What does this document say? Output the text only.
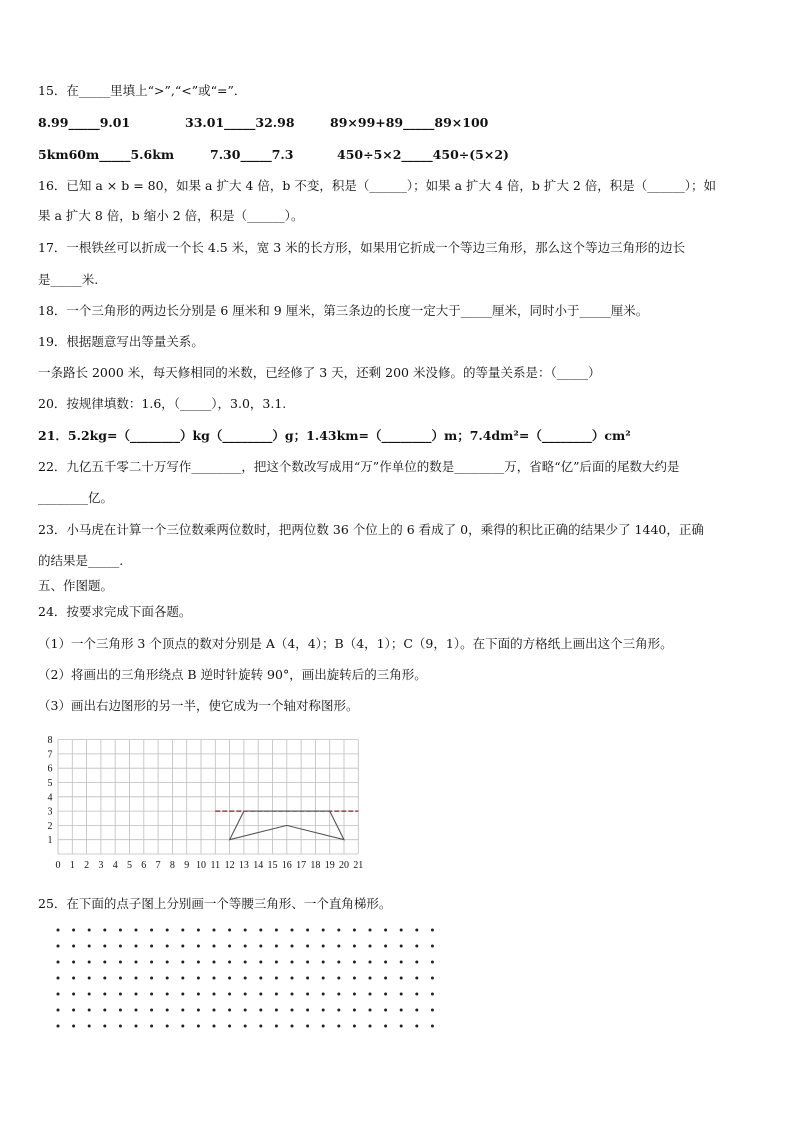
15．在_____里填上“>”,“<”或“=”．
8.99_____9.01	33.01_____32.98	89×99+89_____89×100
5km60m_____5.6km	7.30_____7.3	450÷5×2_____450÷(5×2)
16．已知 a × b = 80，如果 a 扩大 4 倍，b 不变，积是（______）；如果 a 扩大 4 倍，b 扩大 2 倍，积是（______）；如
果 a 扩大 8 倍，b 缩小 2 倍，积是（______）。
17．一根铁丝可以折成一个长 4.5 米，宽 3 米的长方形，如果用它折成一个等边三角形，那么这个等边三角形的边长
是_____米.
18．一个三角形的两边长分别是 6 厘米和 9 厘米，第三条边的长度一定大于_____厘米，同时小于_____厘米。
19．根据题意写出等量关系。
一条路长 2000 米，每天修相同的米数，已经修了 3 天，还剩 200 米没修。的等量关系是：（_____）
20．按规律填数：1.6，（_____），3.0，3.1.
21．5.2kg=（________）kg（________）g；1.43km=（________）m；7.4dm²=（________）cm²
22．九亿五千零二十万写作________，把这个数改写成用“万”作单位的数是________万，省略“亿”后面的尾数大约是
________亿。
23．小马虎在计算一个三位数乘两位数时，把两位数 36 个位上的 6 看成了 0，乘得的积比正确的结果少了 1440，正确
的结果是_____.
五、作图题。
24．按要求完成下面各题。
（1）一个三角形 3 个顶点的数对分别是 A（4，4）；B（4，1）；C（9，1）。在下面的方格纸上画出这个三角形。
（2）将画出的三角形绕点 B 逆时针旋转 90°，画出旋转后的三角形。
（3）画出右边图形的另一半，使它成为一个轴对称图形。
0 1 2 3 4 5 6 7 8 9 10 11 12 13 14 15 16 17 18 19 20 21
1
2
3
4
5
6
7
8
25．在下面的点子图上分别画一个等腰三角形、一个直角梯形。
